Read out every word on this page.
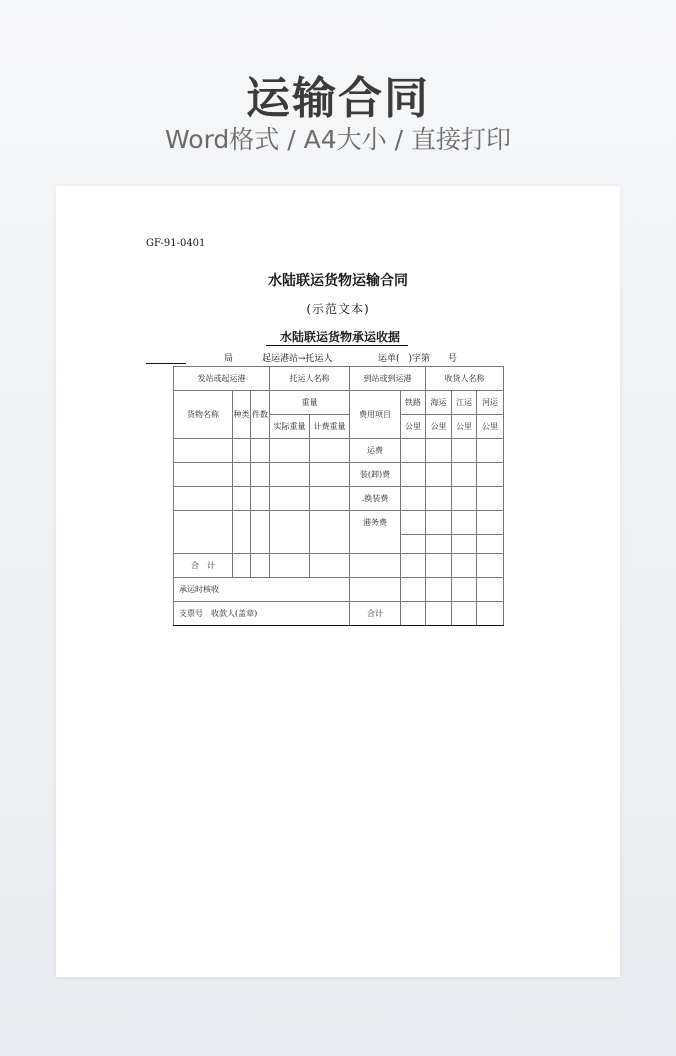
运输合同
Word格式 / A4大小 / 直接打印
GF-91-0401
水陆联运货物运输合同
(示范文本)
水陆联运货物承运收据
局	起运港站→托运人	运单(　)字第　　号
发站或起运港			托运人名称		到站或到运港		收货人名称		
货物名称	种类	件数	重量		费用项目	铁路	海运	江运	河运
			实际重量	计费重量		公里	公里	公里	公里
					运费				
					装(卸)费				
					.换装费				
					港务费				

合　计									
承运时核收									
支票号　收款人(盖章)					合计				
